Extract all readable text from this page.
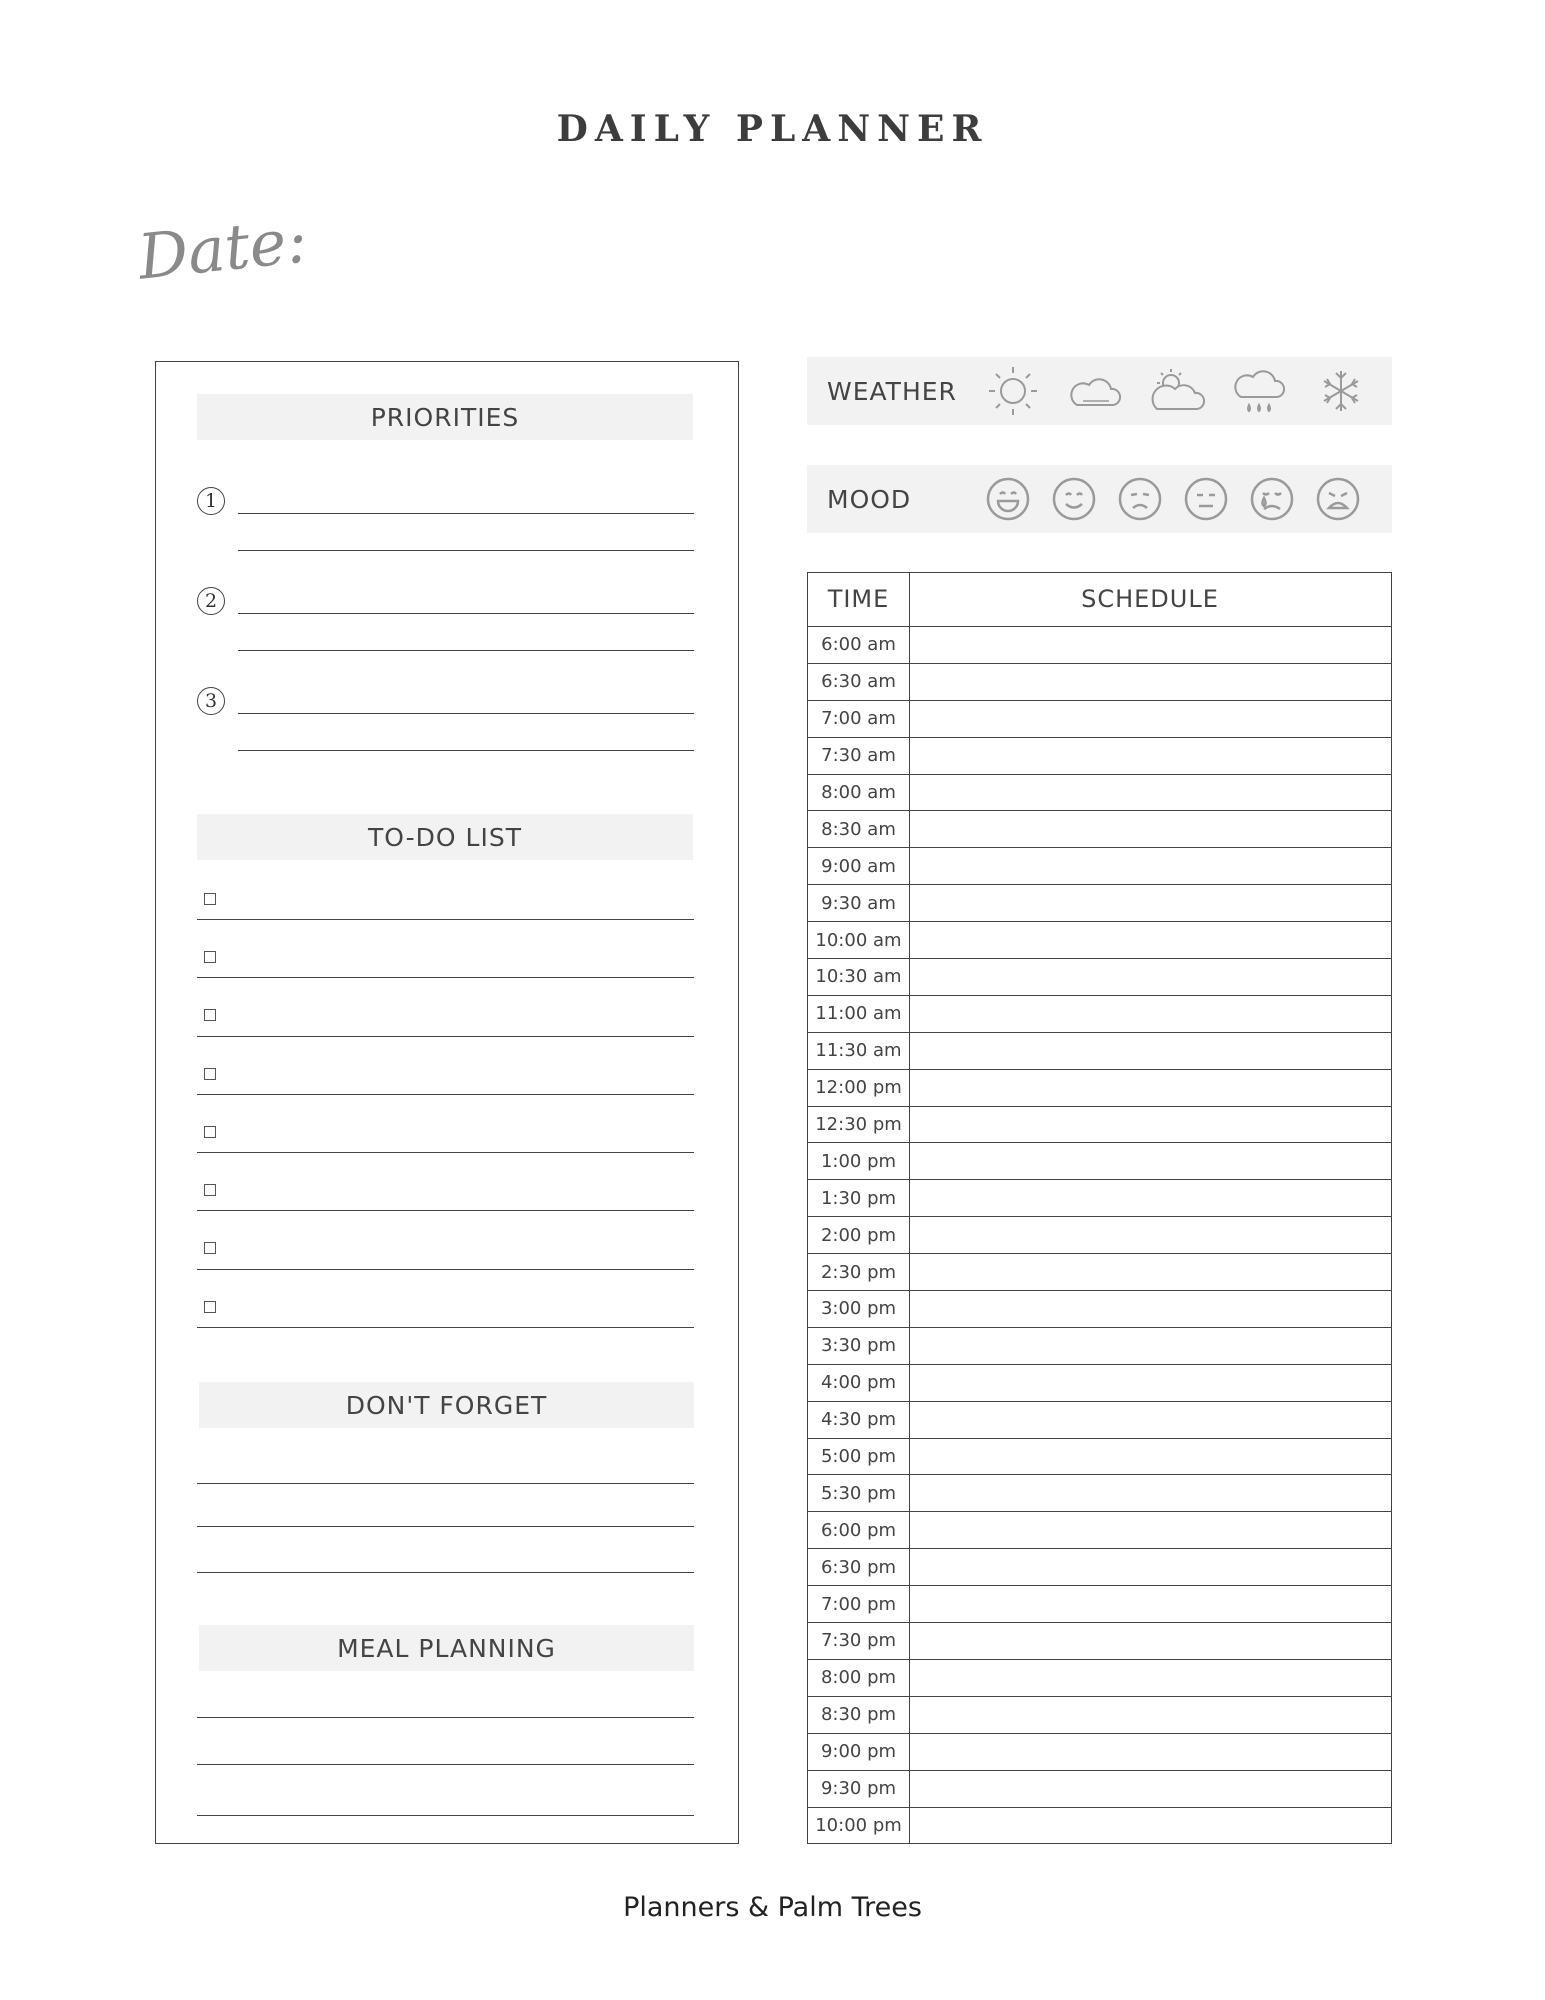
DAILY PLANNER
Date:
PRIORITIES
1
2
3
TO-DO LIST
DON'T FORGET
MEAL PLANNING
WEATHER
MOOD
TIME	SCHEDULE
6:00 am
6:30 am
7:00 am
7:30 am
8:00 am
8:30 am
9:00 am
9:30 am
10:00 am
10:30 am
11:00 am
11:30 am
12:00 pm
12:30 pm
1:00 pm
1:30 pm
2:00 pm
2:30 pm
3:00 pm
3:30 pm
4:00 pm
4:30 pm
5:00 pm
5:30 pm
6:00 pm
6:30 pm
7:00 pm
7:30 pm
8:00 pm
8:30 pm
9:00 pm
9:30 pm
10:00 pm
Planners & Palm Trees
